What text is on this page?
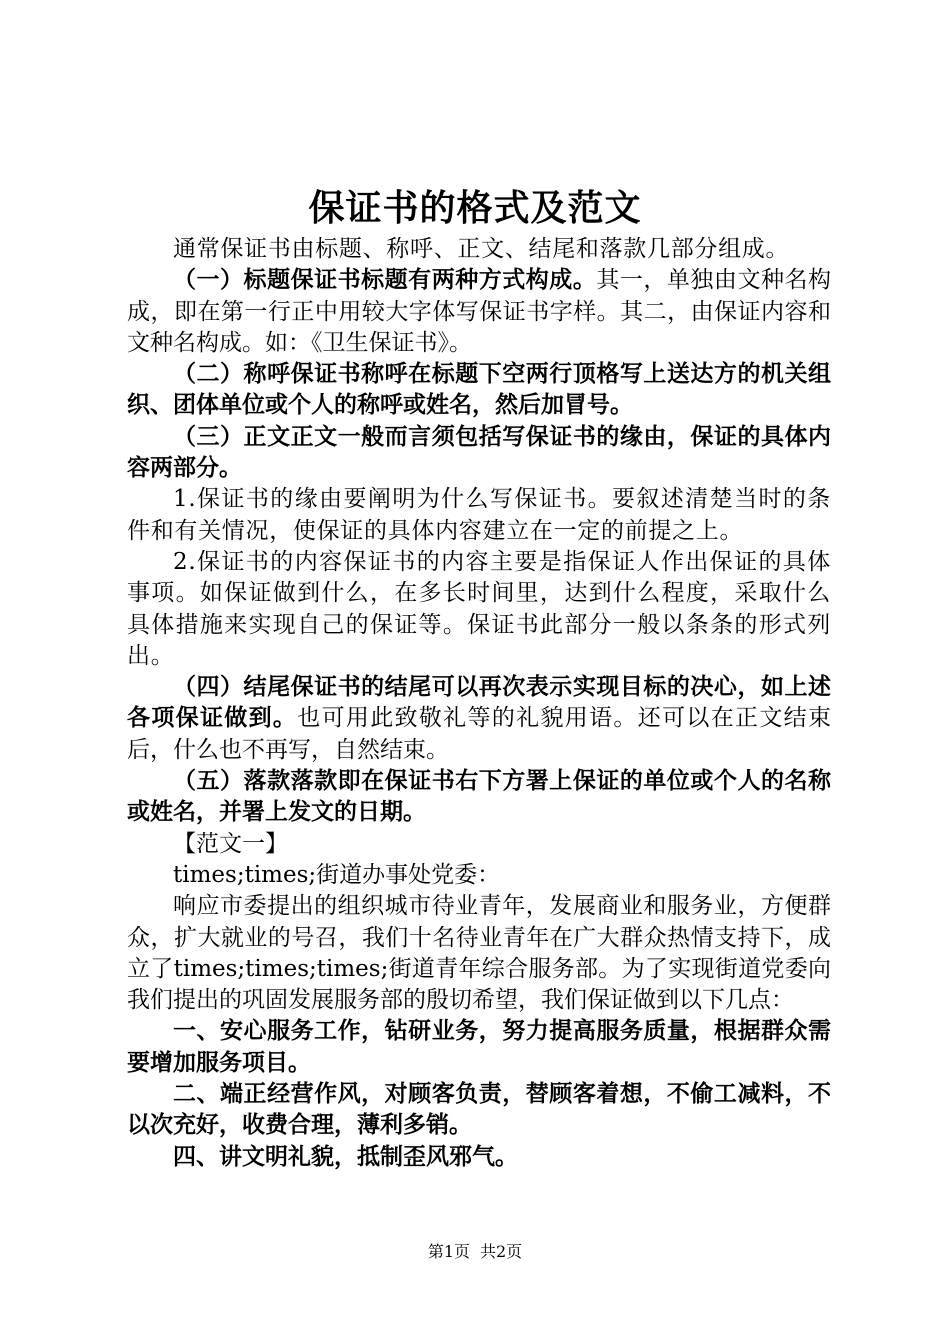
保证书的格式及范文

通常保证书由标题、称呼、正文、结尾和落款几部分组成。

（一）标题保证书标题有两种方式构成。其一，单独由文种名构成，即在第一行正中用较大字体写保证书字样。其二，由保证内容和文种名构成。如：《卫生保证书》。

（二）称呼保证书称呼在标题下空两行顶格写上送达方的机关组织、团体单位或个人的称呼或姓名，然后加冒号。

（三）正文正文一般而言须包括写保证书的缘由，保证的具体内容两部分。

1.保证书的缘由要阐明为什么写保证书。要叙述清楚当时的条件和有关情况，使保证的具体内容建立在一定的前提之上。

2.保证书的内容保证书的内容主要是指保证人作出保证的具体事项。如保证做到什么，在多长时间里，达到什么程度，采取什么具体措施来实现自己的保证等。保证书此部分一般以条条的形式列出。

（四）结尾保证书的结尾可以再次表示实现目标的决心，如上述各项保证做到。也可用此致敬礼等的礼貌用语。还可以在正文结束后，什么也不再写，自然结束。

（五）落款落款即在保证书右下方署上保证的单位或个人的名称或姓名，并署上发文的日期。

【范文一】

times;times;街道办事处党委：

响应市委提出的组织城市待业青年，发展商业和服务业，方便群众，扩大就业的号召，我们十名待业青年在广大群众热情支持下，成立了times;times;times;街道青年综合服务部。为了实现街道党委向我们提出的巩固发展服务部的殷切希望，我们保证做到以下几点：

一、安心服务工作，钻研业务，努力提高服务质量，根据群众需要增加服务项目。

二、端正经营作风，对顾客负责，替顾客着想，不偷工减料，不以次充好，收费合理，薄利多销。

四、讲文明礼貌，抵制歪风邪气。

第1页 共2页
